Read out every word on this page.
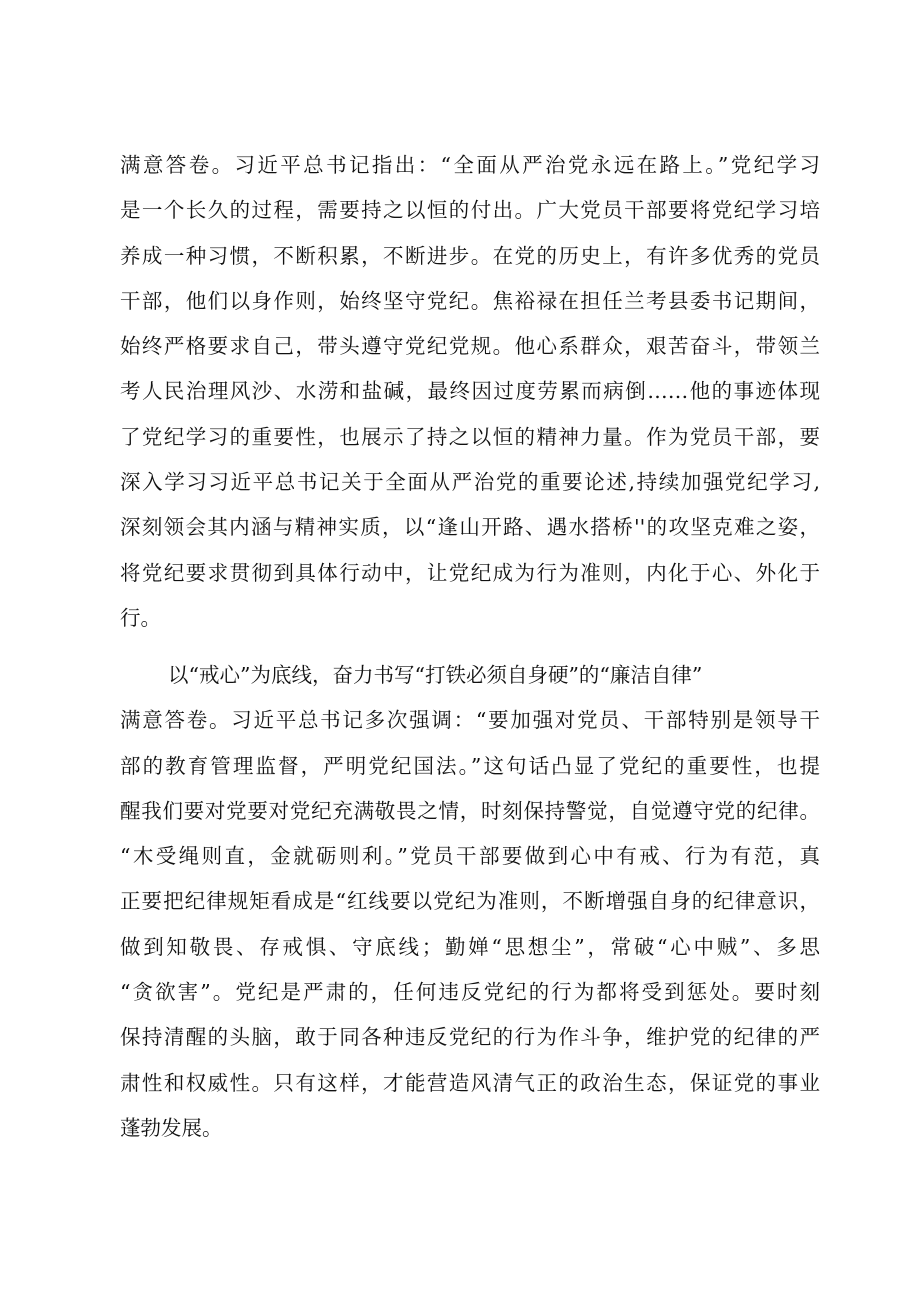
满意答卷。习近平总书记指出：“全面从严治党永远在路上。”党纪学习
是一个长久的过程，需要持之以恒的付出。广大党员干部要将党纪学习培
养成一种习惯，不断积累，不断进步。在党的历史上，有许多优秀的党员
干部，他们以身作则，始终坚守党纪。焦裕禄在担任兰考县委书记期间，
始终严格要求自己，带头遵守党纪党规。他心系群众，艰苦奋斗，带领兰
考人民治理风沙、水涝和盐碱，最终因过度劳累而病倒……他的事迹体现
了党纪学习的重要性，也展示了持之以恒的精神力量。作为党员干部，要
深入学习习近平总书记关于全面从严治党的重要论述,持续加强党纪学习,
深刻领会其内涵与精神实质，以“逢山开路、遇水搭桥''的攻坚克难之姿，
将党纪要求贯彻到具体行动中，让党纪成为行为准则，内化于心、外化于
行。
以“戒心”为底线，奋力书写“打铁必须自身硬”的“廉洁自律”
满意答卷。习近平总书记多次强调：“要加强对党员、干部特别是领导干
部的教育管理监督，严明党纪国法。”这句话凸显了党纪的重要性，也提
醒我们要对党要对党纪充满敬畏之情，时刻保持警觉，自觉遵守党的纪律。
“木受绳则直，金就砺则利。”党员干部要做到心中有戒、行为有范，真
正要把纪律规矩看成是“红线要以党纪为准则，不断增强自身的纪律意识，
做到知敬畏、存戒惧、守底线；勤婵“思想尘”，常破“心中贼”、多思
“贪欲害”。党纪是严肃的，任何违反党纪的行为都将受到惩处。要时刻
保持清醒的头脑，敢于同各种违反党纪的行为作斗争，维护党的纪律的严
肃性和权威性。只有这样，才能营造风清气正的政治生态，保证党的事业
蓬勃发展。
